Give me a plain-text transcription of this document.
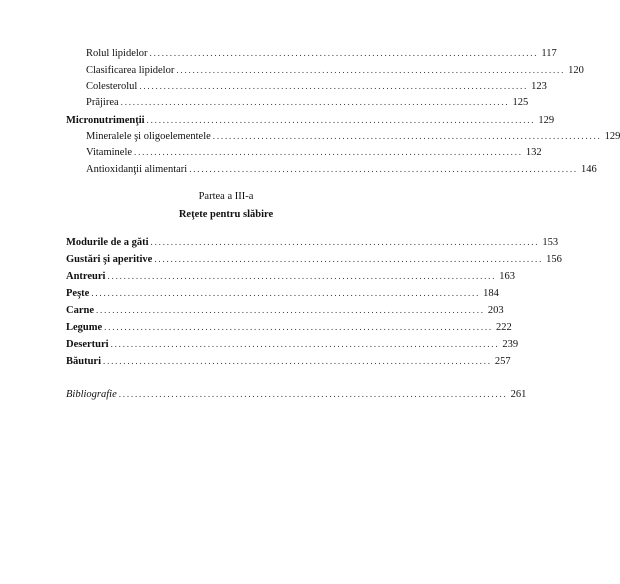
Rolul lipidelor ................................................................................................ 117
Clasificarea lipidelor ................................................................................................ 120
Colesterolul ................................................................................................ 123
Prăjirea ................................................................................................ 125
Micronutrimenţii ................................................................................................ 129
Mineralele şi oligoelementele ................................................................................................ 129
Vitaminele ................................................................................................ 132
Antioxidanţii alimentari ................................................................................................ 146
Partea a III-a
Reţete pentru slăbire
Modurile de a găti ................................................................................................ 153
Gustări şi aperitive ................................................................................................ 156
Antreuri ................................................................................................ 163
Peşte ................................................................................................ 184
Carne ................................................................................................ 203
Legume ................................................................................................ 222
Deserturi ................................................................................................ 239
Băuturi ................................................................................................ 257
Bibliografie ................................................................................................ 261
